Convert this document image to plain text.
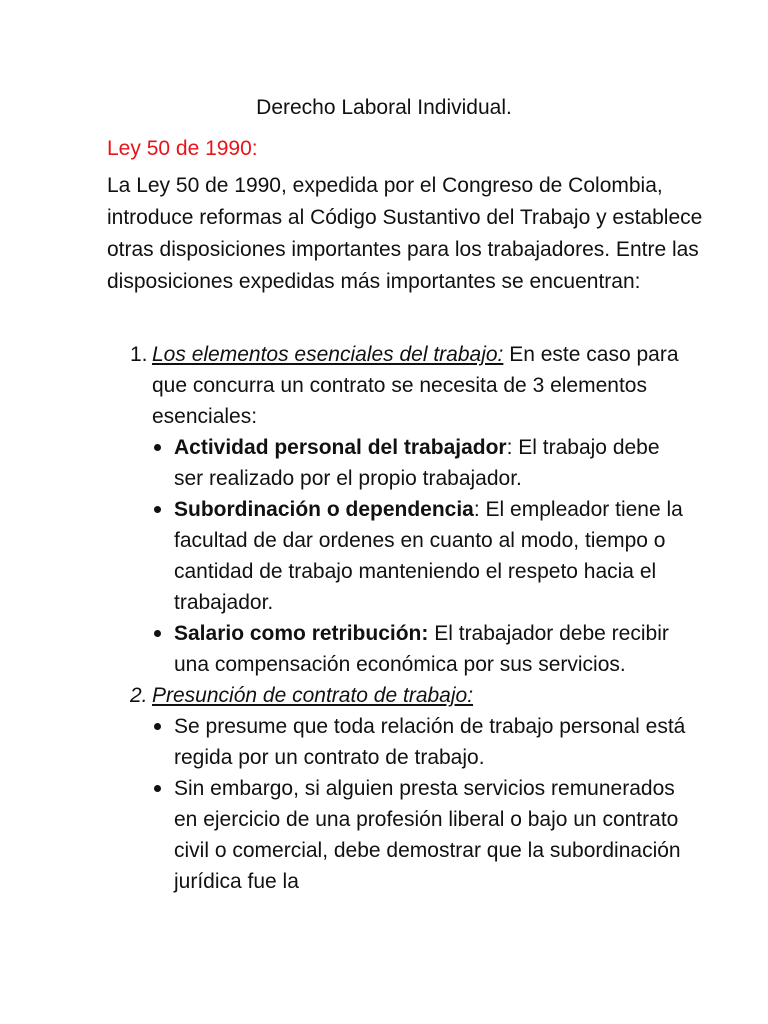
Derecho Laboral Individual.
Ley 50 de 1990:

La Ley 50 de 1990, expedida por el Congreso de Colombia, introduce reformas al Código Sustantivo del Trabajo y establece otras disposiciones importantes para los trabajadores. Entre las disposiciones expedidas más importantes se encuentran:

1. Los elementos esenciales del trabajo: En este caso para que concurra un contrato se necesita de 3 elementos esenciales:
Actividad personal del trabajador: El trabajo debe ser realizado por el propio trabajador.
Subordinación o dependencia: El empleador tiene la facultad de dar ordenes en cuanto al modo, tiempo o cantidad de trabajo manteniendo el respeto hacia el trabajador.
Salario como retribución: El trabajador debe recibir una compensación económica por sus servicios.
2. Presunción de contrato de trabajo:
Se presume que toda relación de trabajo personal está regida por un contrato de trabajo.
Sin embargo, si alguien presta servicios remunerados en ejercicio de una profesión liberal o bajo un contrato civil o comercial, debe demostrar que la subordinación jurídica fue la
